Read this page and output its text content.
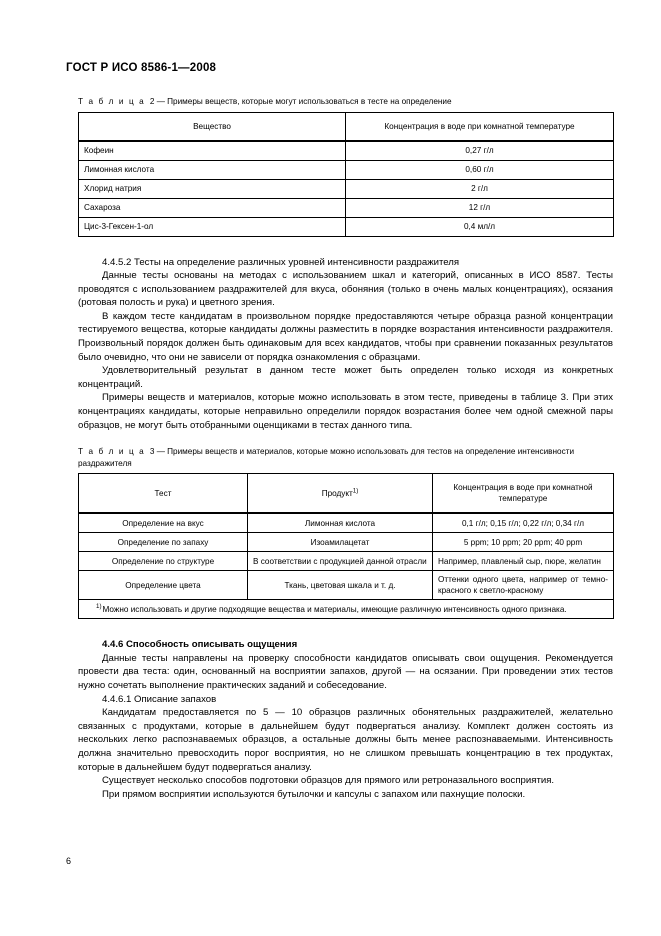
ГОСТ Р ИСО 8586-1—2008
Т а б л и ц а 2 — Примеры веществ, которые могут использоваться в тесте на определение
Вещество	Концентрация в воде при комнатной температуре
Кофеин	0,27 г/л
Лимонная кислота	0,60 г/л
Хлорид натрия	2 г/л
Сахароза	12 г/л
Цис-3-Гексен-1-ол	0,4 мл/л

4.4.5.2 Тесты на определение различных уровней интенсивности раздражителя

Данные тесты основаны на методах с использованием шкал и категорий, описанных в ИСО 8587. Тесты проводятся с использованием раздражителей для вкуса, обоняния (только в очень малых концентрациях), осязания (ротовая полость и рука) и цветного зрения.

В каждом тесте кандидатам в произвольном порядке предоставляются четыре образца разной концентрации тестируемого вещества, которые кандидаты должны разместить в порядке возрастания интенсивности раздражителя. Произвольный порядок должен быть одинаковым для всех кандидатов, чтобы при сравнении показанных результатов было очевидно, что они не зависели от порядка ознакомления с образцами.

Удовлетворительный результат в данном тесте может быть определен только исходя из конкретных концентраций.

Примеры веществ и материалов, которые можно использовать в этом тесте, приведены в таблице 3. При этих концентрациях кандидаты, которые неправильно определили порядок возрастания более чем одной смежной пары образцов, не могут быть отобранными оценщиками в тестах данного типа.

Т а б л и ц а 3 — Примеры веществ и материалов, которые можно использовать для тестов на определение интенсивности раздражителя
Тест	Продукт$^{1)}$	Концентрация в воде при комнатной температуре
Определение на вкус	Лимонная кислота	0,1 г/л; 0,15 г/л; 0,22 г/л; 0,34 г/л
Определение по запаху	Изоамилацетат	5 ppm; 10 ppm; 20 ppm; 40 ppm
Определение по структуре	В соответствии с продукцией данной отрасли	Например, плавленый сыр, пюре, желатин
Определение цвета	Ткань, цветовая шкала и т. д.	Оттенки одного цвета, например от темно-красного к светло-красному
$^{1)}$Можно использовать и другие подходящие вещества и материалы, имеющие различную интенсивность одного признака.		
4.4.6 Способность описывать ощущения

Данные тесты направлены на проверку способности кандидатов описывать свои ощущения. Рекомендуется провести два теста: один, основанный на восприятии запахов, другой — на осязании. При проведении этих тестов нужно сочетать выполнение практических заданий и собеседование.

4.4.6.1 Описание запахов

Кандидатам предоставляется по 5 — 10 образцов различных обонятельных раздражителей, желательно связанных с продуктами, которые в дальнейшем будут подвергаться анализу. Комплект должен состоять из нескольких легко распознаваемых образцов, а остальные должны быть менее распознаваемыми. Интенсивность должна значительно превосходить порог восприятия, но не слишком превышать концентрацию в тех продуктах, которые в дальнейшем будут подвергаться анализу.

Существует несколько способов подготовки образцов для прямого или ретроназального восприятия.

При прямом восприятии используются бутылочки и капсулы с запахом или пахнущие полоски.

6
